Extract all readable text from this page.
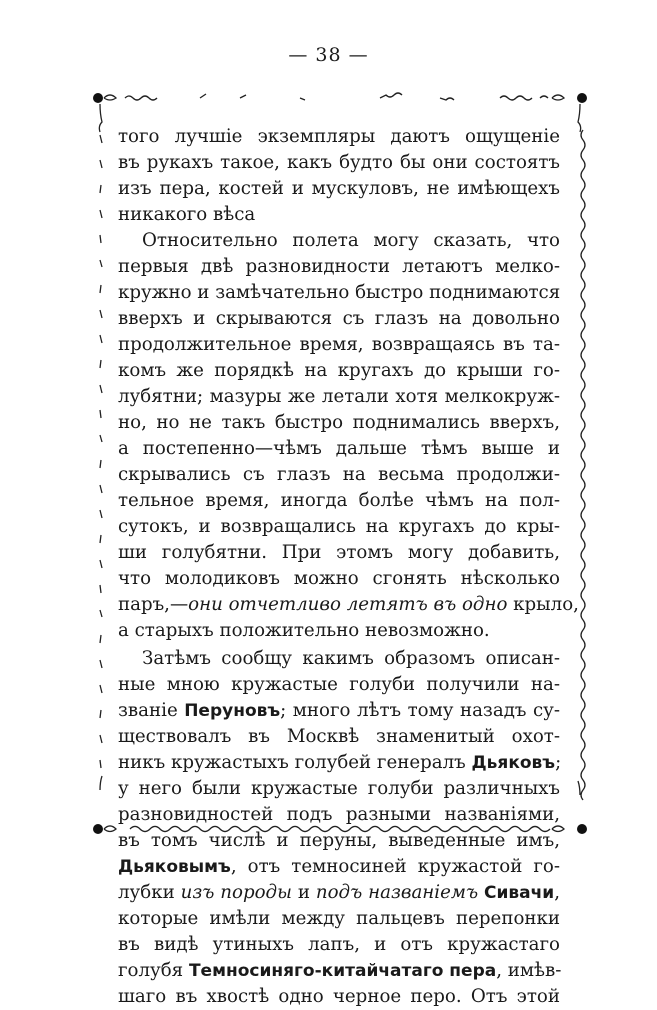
— 38 —
того лучшіе экземпляры даютъ ощущеніе
въ рукахъ такое, какъ будто бы они состоятъ
изъ пера, костей и мускуловъ, не имѣющехъ
никакого вѣса
Относительно полета могу сказать, что
первыя двѣ разновидности летаютъ мелко-
кружно и замѣчательно быстро поднимаются
вверхъ и скрываются съ глазъ на довольно
продолжительное время, возвращаясь въ та-
комъ же порядкѣ на кругахъ до крыши го-
лубятни; мазуры же летали хотя мелкокруж-
но, но не такъ быстро поднимались вверхъ,
а постепенно—чѣмъ дальше тѣмъ выше и
скрывались съ глазъ на весьма продолжи-
тельное время, иногда болѣе чѣмъ на пол-
сутокъ, и возвращались на кругахъ до кры-
ши голубятни. При этомъ могу добавить,
что молодиковъ можно сгонять нѣсколько
паръ,—они отчетливо летятъ въ одно крыло,
а старыхъ положительно невозможно.
Затѣмъ сообщу какимъ образомъ описан-
ные мною кружастые голуби получили на-
званіе Перуновъ; много лѣтъ тому назадъ су-
ществовалъ въ Москвѣ знаменитый охот-
никъ кружастыхъ голубей генералъ Дьяковъ;
у него были кружастые голуби различныхъ
разновидностей подъ разными названіями,
въ томъ числѣ и перуны, выведенные имъ,
Дьяковымъ, отъ темносиней кружастой го-
лубки изъ породы и подъ названіемъ Сивачи,
которые имѣли между пальцевъ перепонки
въ видѣ утиныхъ лапъ, и отъ кружастаго
голубя Темносиняго-китайчатаго пера, имѣв-
шаго въ хвостѣ одно черное перо. Отъ этой
